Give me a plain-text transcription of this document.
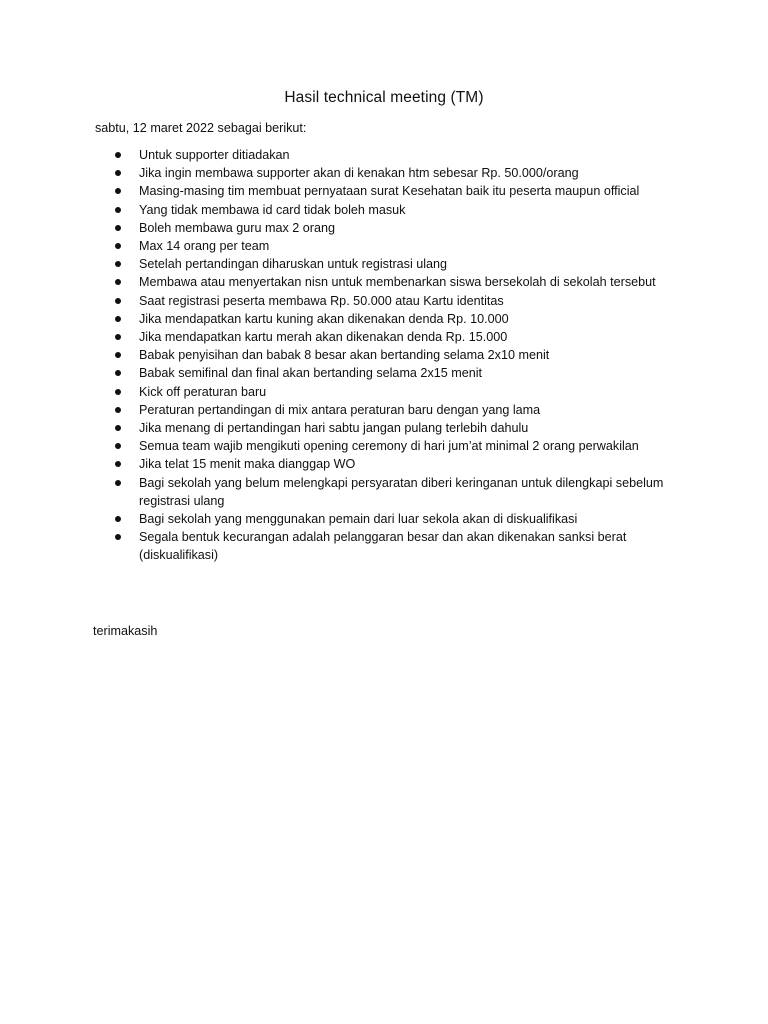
Hasil technical meeting (TM)
sabtu, 12 maret 2022 sebagai berikut:
Untuk supporter ditiadakan
Jika ingin membawa supporter akan di kenakan htm sebesar Rp. 50.000/orang
Masing-masing tim membuat pernyataan surat Kesehatan baik itu peserta maupun official
Yang tidak membawa id card tidak boleh masuk
Boleh membawa guru max 2 orang
Max 14 orang per team
Setelah pertandingan diharuskan untuk registrasi ulang
Membawa atau menyertakan nisn untuk membenarkan siswa bersekolah di sekolah tersebut
Saat registrasi peserta membawa Rp. 50.000 atau Kartu identitas
Jika mendapatkan kartu kuning akan dikenakan denda Rp. 10.000
Jika mendapatkan kartu merah akan dikenakan denda Rp. 15.000
Babak penyisihan dan babak 8 besar akan bertanding selama 2x10 menit
Babak semifinal dan final akan bertanding selama 2x15 menit
Kick off peraturan baru
Peraturan pertandingan di mix antara peraturan baru dengan yang lama
Jika menang di pertandingan hari sabtu jangan pulang terlebih dahulu
Semua team wajib mengikuti opening ceremony di hari jum’at minimal 2 orang perwakilan
Jika telat 15 menit maka dianggap WO
Bagi sekolah yang belum melengkapi persyaratan diberi keringanan untuk dilengkapi sebelum registrasi ulang
Bagi sekolah yang menggunakan pemain dari luar sekola akan di diskualifikasi
Segala bentuk kecurangan adalah pelanggaran besar dan akan dikenakan sanksi berat (diskualifikasi)
terimakasih
